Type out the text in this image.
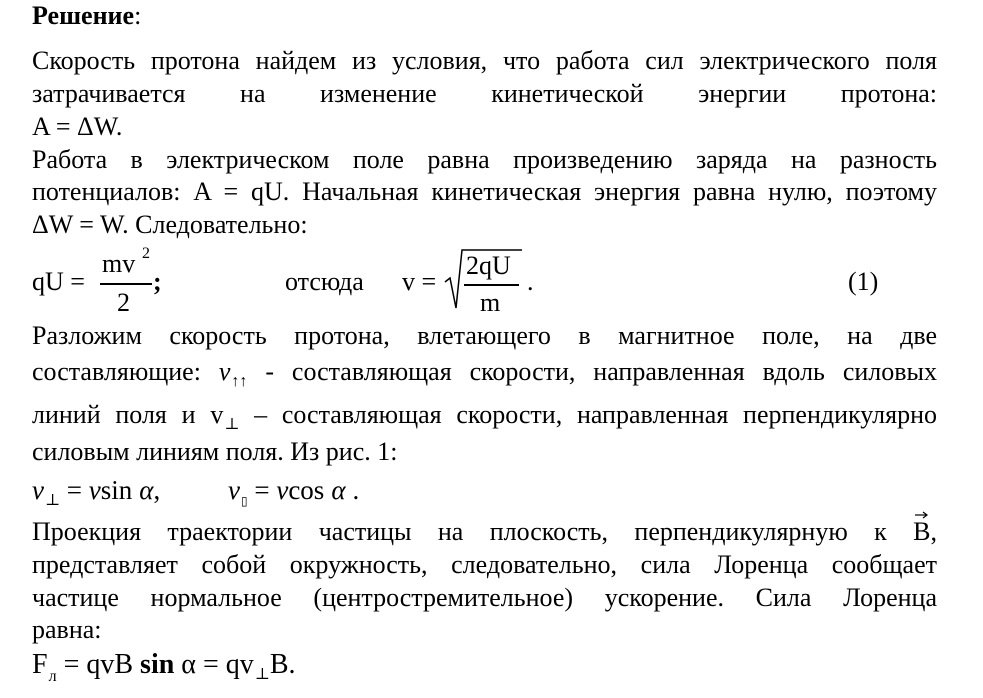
Решение:
Скорость протона найдем из условия, что работа сил электрического поля
затрачивается на изменение кинетической энергии протона:
A = ΔW.
Работа в электрическом поле равна произведению заряда на разность
потенциалов: A = qU. Начальная кинетическая энергия равна нулю, поэтому
ΔW = W. Следовательно:
qU =
mv 2
2
;	отсюда v =
2qU
m
.	(1)
Разложим скорость протона, влетающего в магнитное поле, на две
составляющие: $v_{↑↑}$ - составляющая скорости, направленная вдоль силовых
линий поля и $v_\perp$ – составляющая скорости, направленная перпендикулярно
силовым линиям поля. Из рис. 1:
$v_\perp = vsin$ α,	$v_▯ = vcos$ α .
Проекция траектории частицы на плоскость, перпендикулярную к
B,
представляет собой окружность, следовательно, сила Лоренца сообщает
частице нормальное (центростремительное) ускорение. Сила Лоренца
равна:
$F_л$ = qvB $\sin \alpha = qv_\perp B$.
